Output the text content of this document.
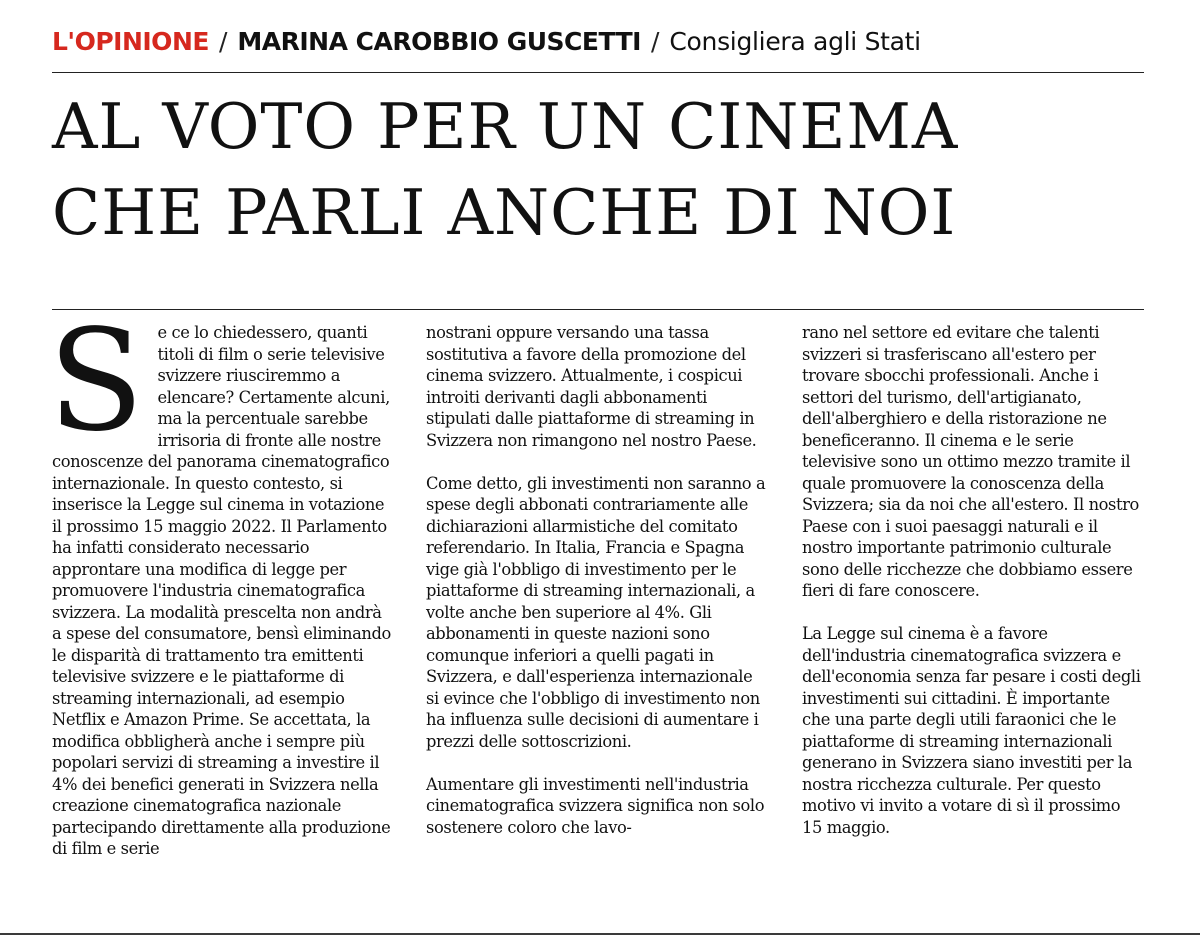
L'OPINIONE / MARINA CAROBBIO GUSCETTI / Consigliera agli Stati
AL VOTO PER UN CINEMA
CHE PARLI ANCHE DI NOI

Se ce lo chiedessero, quanti titoli di film o serie televisive svizzere riusciremmo a elencare? Certamente alcuni, ma la percentuale sarebbe irrisoria di fronte alle nostre conoscenze del panorama cinematografico internazionale. In questo contesto, si inserisce la Legge sul cinema in votazione il prossimo 15 maggio 2022. Il Parlamento ha infatti considerato necessario approntare una modifica di legge per promuovere l'industria cinematografica svizzera. La modalità prescelta non andrà a spese del consumatore, bensì eliminando le disparità di trattamento tra emittenti televisive svizzere e le piattaforme di streaming internazionali, ad esempio Netflix e Amazon Prime. Se accettata, la modifica obbligherà anche i sempre più popolari servizi di streaming a investire il 4% dei benefici generati in Svizzera nella creazione cinematografica nazionale partecipando direttamente alla produzione di film e serie

nostrani oppure versando una tassa sostitutiva a favore della promozione del cinema svizzero. Attualmente, i cospicui introiti derivanti dagli abbonamenti stipulati dalle piattaforme di streaming in Svizzera non rimangono nel nostro Paese.

Come detto, gli investimenti non saranno a spese degli abbonati contrariamente alle dichiarazioni allarmistiche del comitato referendario. In Italia, Francia e Spagna vige già l'obbligo di investimento per le piattaforme di streaming internazionali, a volte anche ben superiore al 4%. Gli abbonamenti in queste nazioni sono comunque inferiori a quelli pagati in Svizzera, e dall'esperienza internazionale si evince che l'obbligo di investimento non ha influenza sulle decisioni di aumentare i prezzi delle sottoscrizioni.

Aumentare gli investimenti nell'industria cinematografica svizzera significa non solo sostenere coloro che lavo-

rano nel settore ed evitare che talenti svizzeri si trasferiscano all'estero per trovare sbocchi professionali. Anche i settori del turismo, dell'artigianato, dell'alberghiero e della ristorazione ne beneficeranno. Il cinema e le serie televisive sono un ottimo mezzo tramite il quale promuovere la conoscenza della Svizzera; sia da noi che all'estero. Il nostro Paese con i suoi paesaggi naturali e il nostro importante patrimonio culturale sono delle ricchezze che dobbiamo essere fieri di fare conoscere.

La Legge sul cinema è a favore dell'industria cinematografica svizzera e dell'economia senza far pesare i costi degli investimenti sui cittadini. È importante che una parte degli utili faraonici che le piattaforme di streaming internazionali generano in Svizzera siano investiti per la nostra ricchezza culturale. Per questo motivo vi invito a votare di sì il prossimo 15 maggio.
